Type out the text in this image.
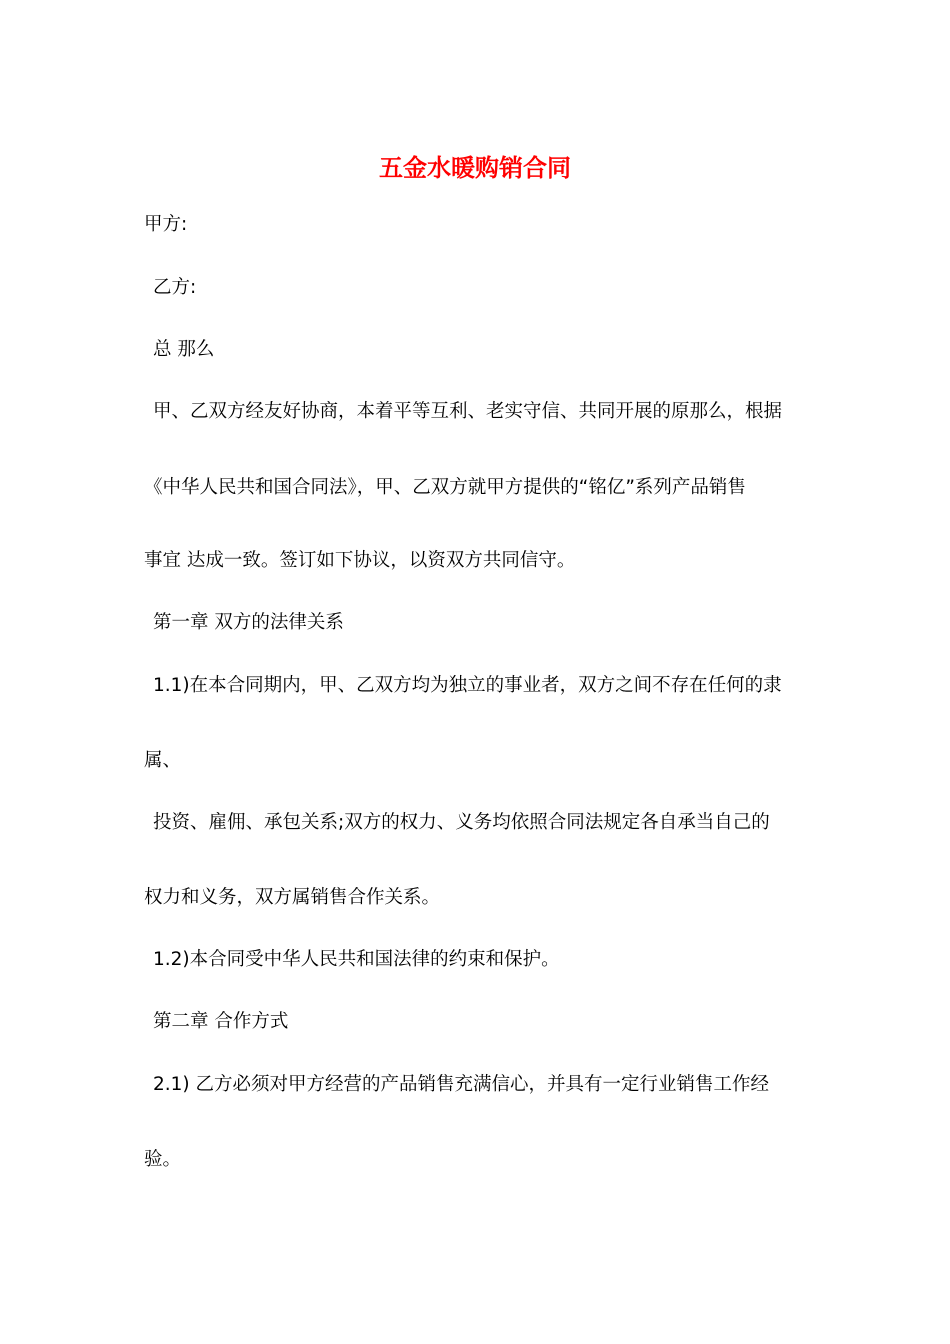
五金水暖购销合同
甲方:
乙方:
总 那么
甲、乙双方经友好协商，本着平等互利、老实守信、共同开展的原那么，根据
《中华人民共和国合同法》，甲、乙双方就甲方提供的“铭亿”系列产品销售
事宜 达成一致。签订如下协议，以资双方共同信守。
第一章 双方的法律关系
1.1)在本合同期内，甲、乙双方均为独立的事业者，双方之间不存在任何的隶
属、
投资、雇佣、承包关系;双方的权力、义务均依照合同法规定各自承当自己的
权力和义务，双方属销售合作关系。
1.2)本合同受中华人民共和国法律的约束和保护。
第二章 合作方式
2.1) 乙方必须对甲方经营的产品销售充满信心，并具有一定行业销售工作经
验。
